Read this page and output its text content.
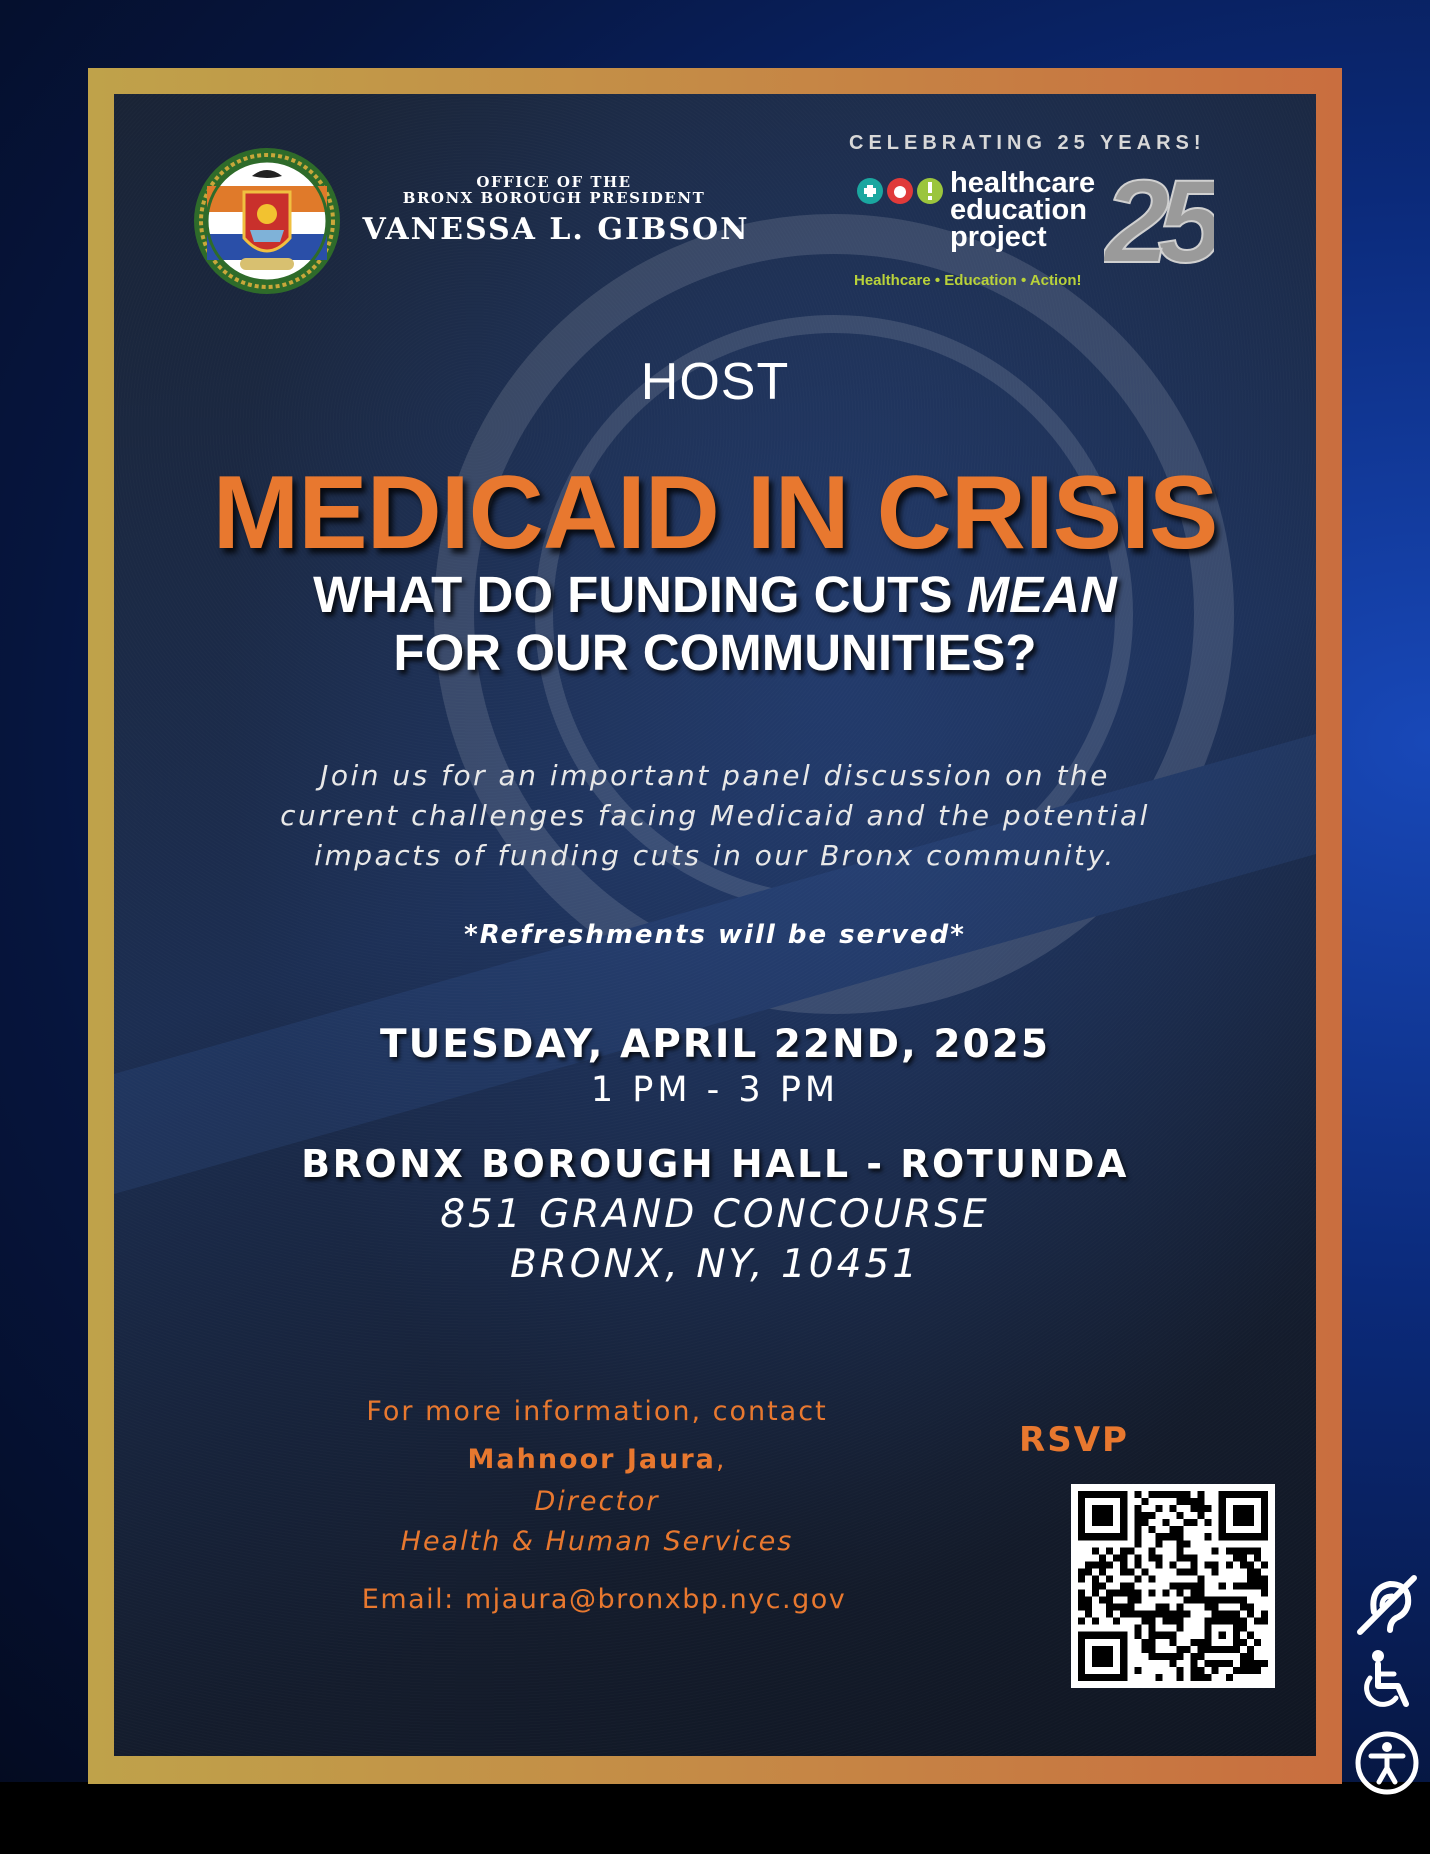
OFFICE OF THE
BRONX BOROUGH PRESIDENT
VANESSA L. GIBSON
CELEBRATING 25 YEARS!
healthcare
education
project
Healthcare • Education • Action! 25
HOST
MEDICAID IN CRISIS
WHAT DO FUNDING CUTS MEAN
FOR OUR COMMUNITIES?
Join us for an important panel discussion on the
current challenges facing Medicaid and the potential
impacts of funding cuts in our Bronx community.
*Refreshments will be served*
TUESDAY, APRIL 22ND, 2025
1 PM - 3 PM
BRONX BOROUGH HALL - ROTUNDA
851 GRAND CONCOURSE
BRONX, NY, 10451
For more information, contact
Mahnoor Jaura,
Director
Health & Human Services
Email: mjaura@bronxbp.nyc.gov
RSVP
